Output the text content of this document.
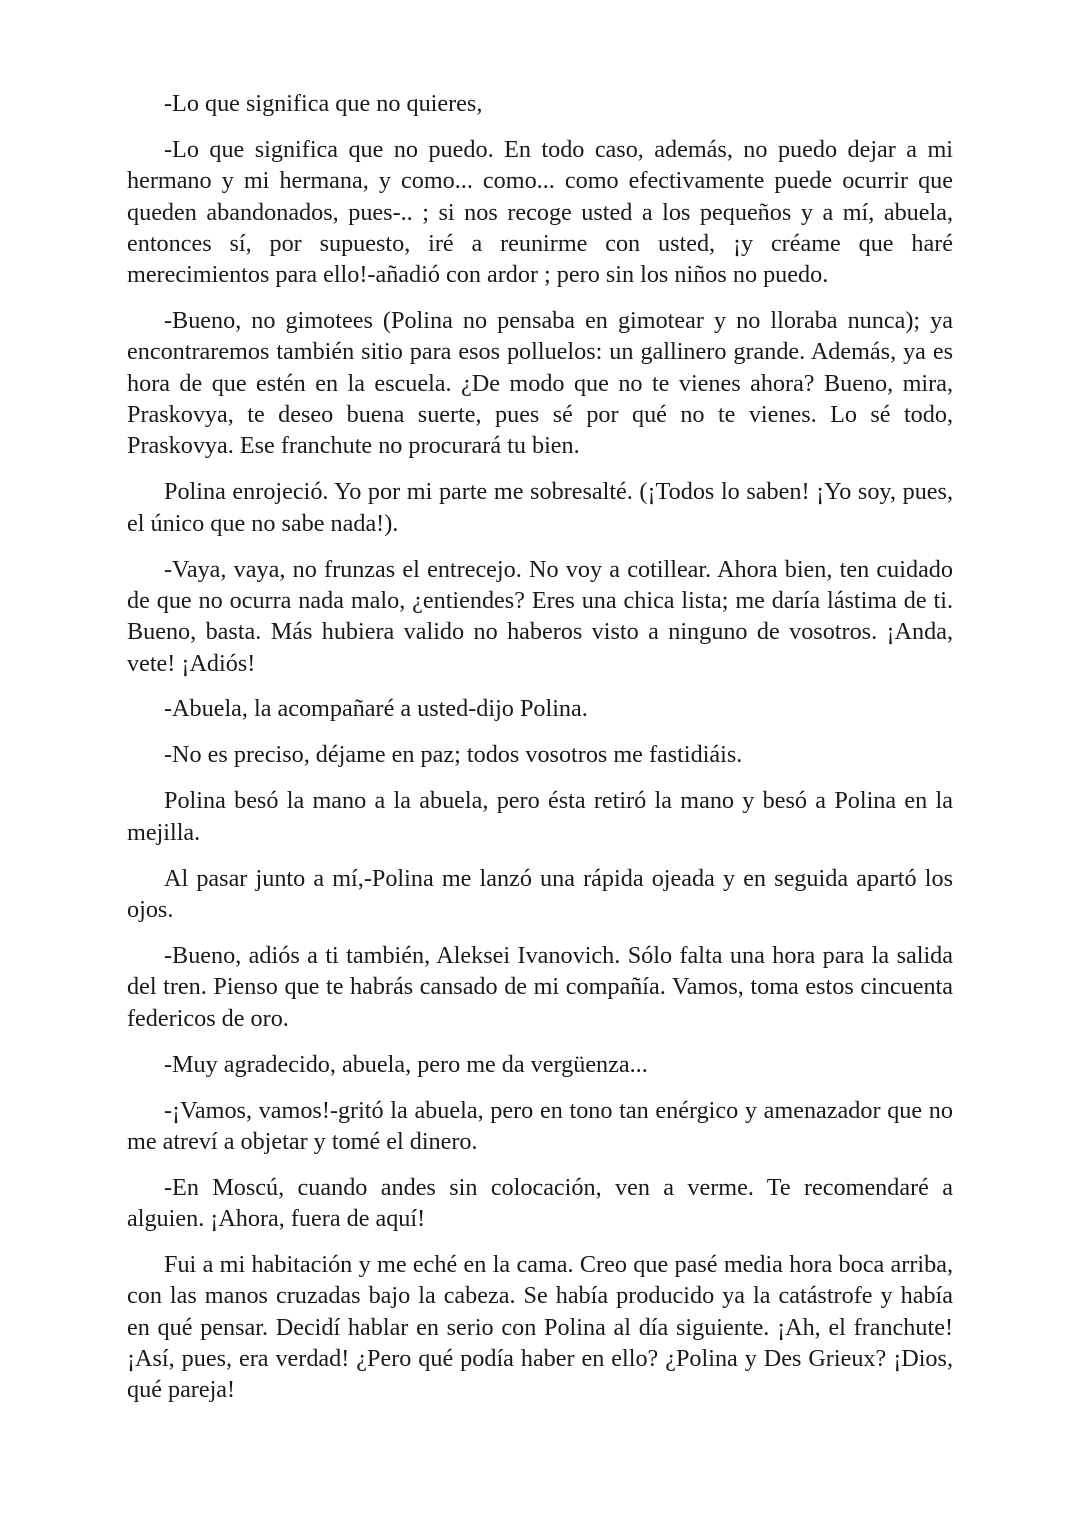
-Lo que significa que no quieres,

-Lo que significa que no puedo. En todo caso, además, no puedo dejar a mi hermano y mi hermana, y como... como... como efectivamente puede ocurrir que queden abandonados, pues-.. ; si nos recoge usted a los pequeños y a mí, abuela, entonces sí, por supuesto, iré a reunirme con usted, ¡y créame que haré merecimientos para ello!-añadió con ardor ; pero sin los niños no puedo.

-Bueno, no gimotees (Polina no pensaba en gimotear y no lloraba nunca); ya encontraremos también sitio para esos polluelos: un gallinero grande. Además, ya es hora de que estén en la escuela. ¿De modo que no te vienes ahora? Bueno, mira, Praskovya, te deseo buena suerte, pues sé por qué no te vienes. Lo sé todo, Praskovya. Ese franchute no procurará tu bien.

Polina enrojeció. Yo por mi parte me sobresalté. (¡Todos lo saben! ¡Yo soy, pues, el único que no sabe nada!).

-Vaya, vaya, no frunzas el entrecejo. No voy a cotillear. Ahora bien, ten cuidado de que no ocurra nada malo, ¿entiendes? Eres una chica lista; me daría lástima de ti. Bueno, basta. Más hubiera valido no haberos visto a ninguno de vosotros. ¡Anda, vete! ¡Adiós!

-Abuela, la acompañaré a usted-dijo Polina.

-No es preciso, déjame en paz; todos vosotros me fastidiáis.

Polina besó la mano a la abuela, pero ésta retiró la mano y besó a Polina en la mejilla.

Al pasar junto a mí,-Polina me lanzó una rápida ojeada y en seguida apartó los ojos.

-Bueno, adiós a ti también, Aleksei Ivanovich. Sólo falta una hora para la salida del tren. Pienso que te habrás cansado de mi compañía. Vamos, toma estos cincuenta federicos de oro.

-Muy agradecido, abuela, pero me da vergüenza...

-¡Vamos, vamos!-gritó la abuela, pero en tono tan enérgico y amenazador que no me atreví a objetar y tomé el dinero.

-En Moscú, cuando andes sin colocación, ven a verme. Te recomendaré a alguien. ¡Ahora, fuera de aquí!

Fui a mi habitación y me eché en la cama. Creo que pasé media hora boca arriba, con las manos cruzadas bajo la cabeza. Se había producido ya la catástrofe y había en qué pensar. Decidí hablar en serio con Polina al día siguiente. ¡Ah, el franchute! ¡Así, pues, era verdad! ¿Pero qué podía haber en ello? ¿Polina y Des Grieux? ¡Dios, qué pareja!
